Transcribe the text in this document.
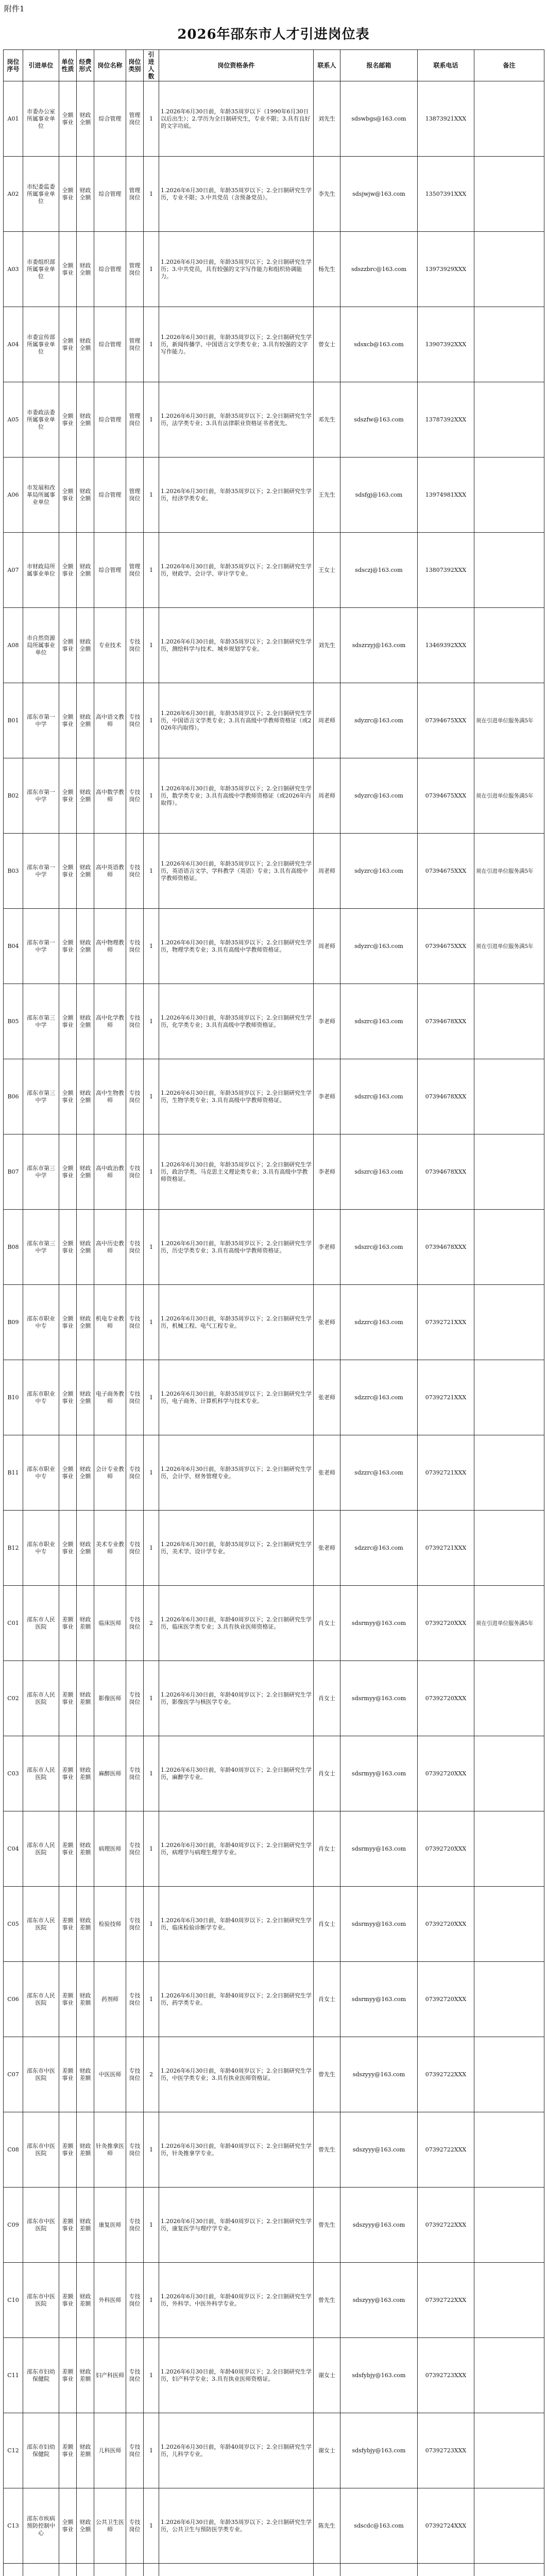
附件1
2026年邵东市人才引进岗位表
岗位序号	引进单位	单位性质	经费形式	岗位名称	岗位类别	引进人数	岗位资格条件	联系人	报名邮箱	联系电话	备注
A01	市委办公室所属事业单位	全额事业	财政全额	综合管理	管理岗位	1	1.2026年6月30日前，年龄35周岁以下（1990年6月30日以后出生）；2.学历为全日制研究生，专业不限；3.具有良好的文字功底。	刘先生	sdswbgs@163.com	13873921XXX	
A02	市纪委监委所属事业单位	全额事业	财政全额	综合管理	管理岗位	1	1.2026年6月30日前，年龄35周岁以下；2.全日制研究生学历，专业不限；3.中共党员（含预备党员）。	李先生	sdsjwjw@163.com	13507391XXX	
A03	市委组织部所属事业单位	全额事业	财政全额	综合管理	管理岗位	1	1.2026年6月30日前，年龄35周岁以下；2.全日制研究生学历；3.中共党员，具有较强的文字写作能力和组织协调能力。	杨先生	sdszzbrc@163.com	13973929XXX	
A04	市委宣传部所属事业单位	全额事业	财政全额	综合管理	管理岗位	1	1.2026年6月30日前，年龄35周岁以下；2.全日制研究生学历，新闻传播学、中国语言文学类专业；3.具有较强的文字写作能力。	曾女士	sdsxcb@163.com	13907392XXX	
A05	市委政法委所属事业单位	全额事业	财政全额	综合管理	管理岗位	1	1.2026年6月30日前，年龄35周岁以下；2.全日制研究生学历，法学类专业；3.具有法律职业资格证书者优先。	邓先生	sdszfw@163.com	13787392XXX	
A06	市发展和改革局所属事业单位	全额事业	财政全额	综合管理	管理岗位	1	1.2026年6月30日前，年龄35周岁以下；2.全日制研究生学历，经济学类专业。	王先生	sdsfgj@163.com	13974981XXX	
A07	市财政局所属事业单位	全额事业	财政全额	综合管理	管理岗位	1	1.2026年6月30日前，年龄35周岁以下；2.全日制研究生学历，财政学、会计学、审计学专业。	王女士	sdsczj@163.com	13807392XXX	
A08	市自然资源局所属事业单位	全额事业	财政全额	专业技术	专技岗位	1	1.2026年6月30日前，年龄35周岁以下；2.全日制研究生学历，测绘科学与技术、城乡规划学专业。	刘先生	sdszrzyj@163.com	13469392XXX	
B01	邵东市第一中学	全额事业	财政全额	高中语文教师	专技岗位	1	1.2026年6月30日前，年龄35周岁以下；2.全日制研究生学历，中国语言文学类专业；3.具有高级中学教师资格证（或2026年内取得）。	周老师	sdyzrc@163.com	07394675XXX	须在引进单位服务满5年
B02	邵东市第一中学	全额事业	财政全额	高中数学教师	专技岗位	1	1.2026年6月30日前，年龄35周岁以下；2.全日制研究生学历，数学类专业；3.具有高级中学教师资格证（或2026年内取得）。	周老师	sdyzrc@163.com	07394675XXX	须在引进单位服务满5年
B03	邵东市第一中学	全额事业	财政全额	高中英语教师	专技岗位	1	1.2026年6月30日前，年龄35周岁以下；2.全日制研究生学历，英语语言文学、学科教学（英语）专业；3.具有高级中学教师资格证。	周老师	sdyzrc@163.com	07394675XXX	须在引进单位服务满5年
B04	邵东市第一中学	全额事业	财政全额	高中物理教师	专技岗位	1	1.2026年6月30日前，年龄35周岁以下；2.全日制研究生学历，物理学类专业；3.具有高级中学教师资格证。	周老师	sdyzrc@163.com	07394675XXX	须在引进单位服务满5年
B05	邵东市第三中学	全额事业	财政全额	高中化学教师	专技岗位	1	1.2026年6月30日前，年龄35周岁以下；2.全日制研究生学历，化学类专业；3.具有高级中学教师资格证。	李老师	sdszrc@163.com	07394678XXX	
B06	邵东市第三中学	全额事业	财政全额	高中生物教师	专技岗位	1	1.2026年6月30日前，年龄35周岁以下；2.全日制研究生学历，生物学类专业；3.具有高级中学教师资格证。	李老师	sdszrc@163.com	07394678XXX	
B07	邵东市第三中学	全额事业	财政全额	高中政治教师	专技岗位	1	1.2026年6月30日前，年龄35周岁以下；2.全日制研究生学历，政治学类、马克思主义理论类专业；3.具有高级中学教师资格证。	李老师	sdszrc@163.com	07394678XXX	
B08	邵东市第三中学	全额事业	财政全额	高中历史教师	专技岗位	1	1.2026年6月30日前，年龄35周岁以下；2.全日制研究生学历，历史学类专业；3.具有高级中学教师资格证。	李老师	sdszrc@163.com	07394678XXX	
B09	邵东市职业中专	全额事业	财政全额	机电专业教师	专技岗位	1	1.2026年6月30日前，年龄35周岁以下；2.全日制研究生学历，机械工程、电气工程专业。	张老师	sdzzrc@163.com	07392721XXX	
B10	邵东市职业中专	全额事业	财政全额	电子商务教师	专技岗位	1	1.2026年6月30日前，年龄35周岁以下；2.全日制研究生学历，电子商务、计算机科学与技术专业。	张老师	sdzzrc@163.com	07392721XXX	
B11	邵东市职业中专	全额事业	财政全额	会计专业教师	专技岗位	1	1.2026年6月30日前，年龄35周岁以下；2.全日制研究生学历，会计学、财务管理专业。	张老师	sdzzrc@163.com	07392721XXX	
B12	邵东市职业中专	全额事业	财政全额	美术专业教师	专技岗位	1	1.2026年6月30日前，年龄35周岁以下；2.全日制研究生学历，美术学、设计学专业。	张老师	sdzzrc@163.com	07392721XXX	
C01	邵东市人民医院	差额事业	财政差额	临床医师	专技岗位	2	1.2026年6月30日前，年龄40周岁以下；2.全日制研究生学历，临床医学类专业；3.具有执业医师资格证。	肖女士	sdsrmyy@163.com	07392720XXX	须在引进单位服务满5年
C02	邵东市人民医院	差额事业	财政差额	影像医师	专技岗位	1	1.2026年6月30日前，年龄40周岁以下；2.全日制研究生学历，影像医学与核医学专业。	肖女士	sdsrmyy@163.com	07392720XXX	
C03	邵东市人民医院	差额事业	财政差额	麻醉医师	专技岗位	1	1.2026年6月30日前，年龄40周岁以下；2.全日制研究生学历，麻醉学专业。	肖女士	sdsrmyy@163.com	07392720XXX	
C04	邵东市人民医院	差额事业	财政差额	病理医师	专技岗位	1	1.2026年6月30日前，年龄40周岁以下；2.全日制研究生学历，病理学与病理生理学专业。	肖女士	sdsrmyy@163.com	07392720XXX	
C05	邵东市人民医院	差额事业	财政差额	检验技师	专技岗位	1	1.2026年6月30日前，年龄40周岁以下；2.全日制研究生学历，临床检验诊断学专业。	肖女士	sdsrmyy@163.com	07392720XXX	
C06	邵东市人民医院	差额事业	财政差额	药剂师	专技岗位	1	1.2026年6月30日前，年龄40周岁以下；2.全日制研究生学历，药学类专业。	肖女士	sdsrmyy@163.com	07392720XXX	
C07	邵东市中医医院	差额事业	财政差额	中医医师	专技岗位	2	1.2026年6月30日前，年龄40周岁以下；2.全日制研究生学历，中医学类专业；3.具有执业医师资格证。	曾先生	sdszyyy@163.com	07392722XXX	
C08	邵东市中医医院	差额事业	财政差额	针灸推拿医师	专技岗位	1	1.2026年6月30日前，年龄40周岁以下；2.全日制研究生学历，针灸推拿学专业。	曾先生	sdszyyy@163.com	07392722XXX	
C09	邵东市中医医院	差额事业	财政差额	康复医师	专技岗位	1	1.2026年6月30日前，年龄40周岁以下；2.全日制研究生学历，康复医学与理疗学专业。	曾先生	sdszyyy@163.com	07392722XXX	
C10	邵东市中医医院	差额事业	财政差额	外科医师	专技岗位	1	1.2026年6月30日前，年龄40周岁以下；2.全日制研究生学历，外科学、中医外科学专业。	曾先生	sdszyyy@163.com	07392722XXX	
C11	邵东市妇幼保健院	差额事业	财政差额	妇产科医师	专技岗位	1	1.2026年6月30日前，年龄40周岁以下；2.全日制研究生学历，妇产科学专业；3.具有执业医师资格证。	谢女士	sdsfybjy@163.com	07392723XXX	
C12	邵东市妇幼保健院	差额事业	财政差额	儿科医师	专技岗位	1	1.2026年6月30日前，年龄40周岁以下；2.全日制研究生学历，儿科学专业。	谢女士	sdsfybjy@163.com	07392723XXX	
C13	邵东市疾病预防控制中心	全额事业	财政全额	公共卫生医师	专技岗位	1	1.2026年6月30日前，年龄35周岁以下；2.全日制研究生学历，公共卫生与预防医学类专业。	陈先生	sdscdc@163.com	07392724XXX	
